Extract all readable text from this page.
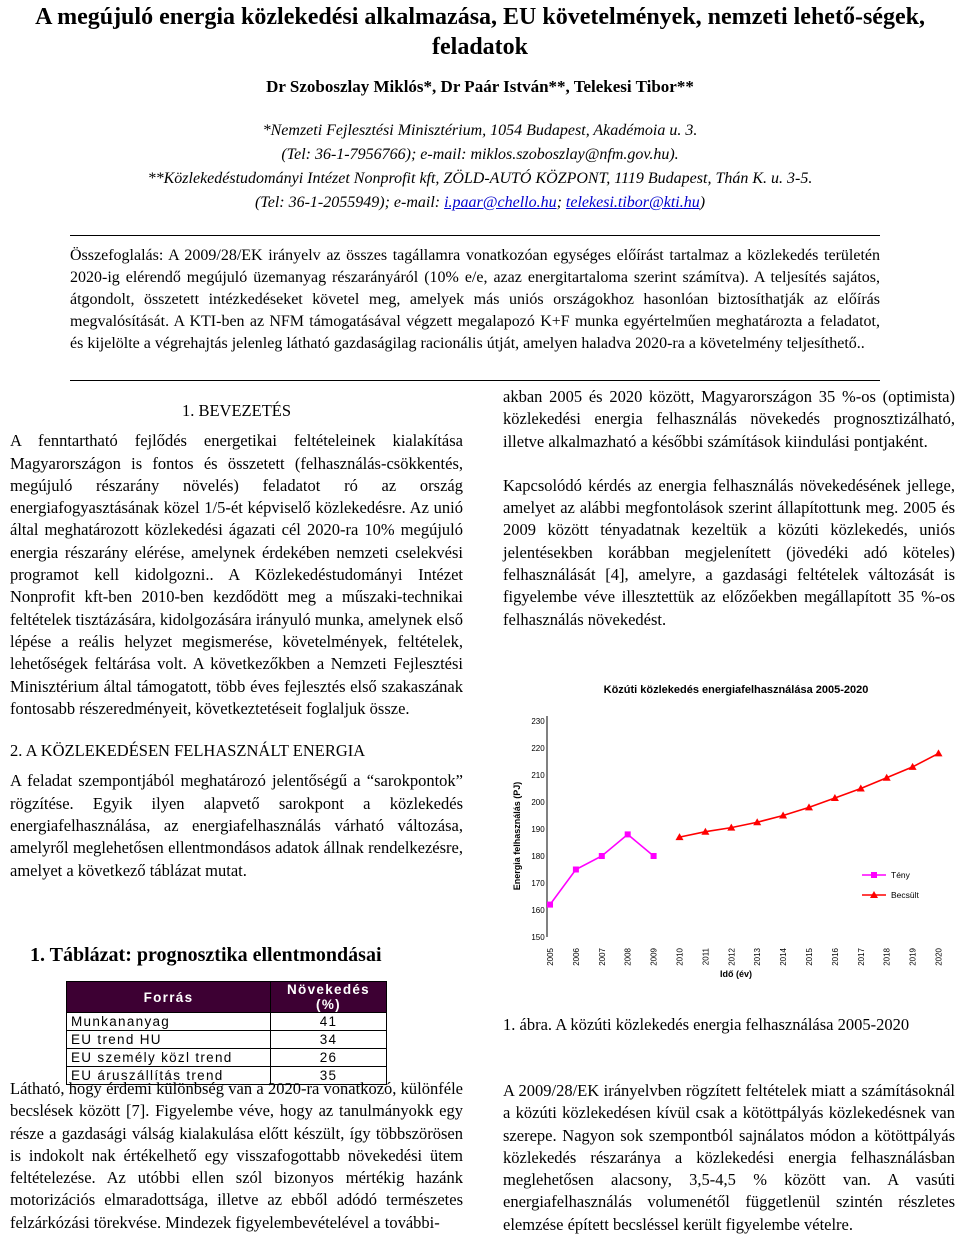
A megújuló energia közlekedési alkalmazása, EU követelmények, nemzeti lehető-ségek, feladatok
Dr Szoboszlay Miklós*, Dr Paár István**, Telekesi Tibor**
*Nemzeti Fejlesztési Minisztérium, 1054 Budapest, Akadémoia u. 3.
(Tel: 36-1-7956766); e-mail: miklos.szoboszlay@nfm.gov.hu).
**Közlekedéstudományi Intézet Nonprofit kft, ZÖLD-AUTÓ KÖZPONT, 1119 Budapest, Thán K. u. 3-5.
(Tel: 36-1-2055949); e-mail: i.paar@chello.hu; telekesi.tibor@kti.hu)
Összefoglalás: A 2009/28/EK irányelv az összes tagállamra vonatkozóan egységes előírást tartalmaz a közlekedés területén 2020-ig elérendő megújuló üzemanyag részarányáról (10% e/e, azaz energitartaloma szerint számítva). A teljesítés sajátos, átgondolt, összetett intézkedéseket követel meg, amelyek más uniós országokhoz hasonlóan biztosíthatják az előírás megvalósítását. A KTI-ben az NFM támogatásával végzett megalapozó K+F munka egyértelműen meghatározta a feladatot, és kijelölte a végrehajtás jelenleg látható gazdaságilag racionális útját, amelyen haladva 2020-ra a követelmény teljesíthető..
1. BEVEZETÉS

A fenntartható fejlődés energetikai feltételeinek kialakítása Magyarországon is fontos és összetett (felhasználás-csökkentés, megújuló részarány növelés) feladatot ró az ország energiafogyasztásának közel 1/5-ét képviselő közlekedésre. Az unió által meghatározott közlekedési ágazati cél 2020-ra 10% megújuló energia részarány elérése, amelynek érdekében nemzeti cselekvési programot kell kidolgozni.. A Közlekedéstudományi Intézet Nonprofit kft-ben 2010-ben kezdődött meg a műszaki-technikai feltételek tisztázására, kidolgozására irányuló munka, amelynek első lépése a reális helyzet megismerése, követelmények, feltételek, lehetőségek feltárása volt. A következőkben a Nemzeti Fejlesztési Minisztérium által támogatott, több éves fejlesztés első szakaszának fontosabb részeredményeit, következtetéseit foglaljuk össze.

2. A KÖZLEKEDÉSEN FELHASZNÁLT ENERGIA

A feladat szempontjából meghatározó jelentőségű a “sarokpontok” rögzítése. Egyik ilyen alapvető sarokpont a közlekedés energiafelhasználása, az energiafelhasználás várható változása, amelyről meglehetősen ellentmondásos adatok állnak rendelkezésre, amelyet a következő táblázat mutat.

1. Táblázat: prognosztika ellentmondásai
Forrás	Növekedés (%)
Munkananyag	41
EU trend HU	34
EU személy közl trend	26
EU áruszállítás trend	35

Látható, hogy érdemi különbség van a 2020-ra vonatkozó, különféle becslések között [7]. Figyelembe véve, hogy az tanulmányokk egy része a gazdasági válság kialakulása előtt készült, így többszörösen is indokolt nak értékelhető egy visszafogottabb növekedési ütem feltételezése. Az utóbbi ellen szól bizonyos mértékig hazánk motorizációs elmaradottsága, illetve az ebből adódó természetes felzárkózási törekvése. Mindezek figyelembevételével a további-

akban 2005 és 2020 között, Magyarországon 35 %-os (optimista) közlekedési energia felhasználás növekedés prognosztizálható, illetve alkalmazható a későbbi számítások kiindulási pontjaként.

Kapcsolódó kérdés az energia felhasználás növekedésének jellege, amelyet az alábbi megfontolások szerint állapítottunk meg. 2005 és 2009 között tényadatnak kezeltük a közúti közlekedés, uniós jelentésekben korábban megjelenített (jövedéki adó köteles) felhasználását [4], amelyre, a gazdasági feltételek változását is figyelembe véve illesztettük az előzőekben megállapított 35 %-os felhasználás növekedést.

Közúti közlekedés energiafelhasználása 2005-2020
Energia felhasználás (PJ)
Idő (év)
150
160
170
180
190
200
210
220
230
2005 2006 2007 2008 2009 2010 2011 2012 2013 2014 2015 2016 2017 2018 2019 2020
Tény
Becsült

1. ábra. A közúti közlekedés energia felhasználása 2005-2020

A 2009/28/EK irányelvben rögzített feltételek miatt a számításoknál a közúti közlekedésen kívül csak a kötöttpályás közlekedésnek van szerepe. Nagyon sok szempontból sajnálatos módon a kötöttpályás közlekedés részaránya a közlekedési energia felhasználásban meglehetősen alacsony, 3,5-4,5 % között van. A vasúti energiafelhasználás volumenétől függetlenül szintén részletes elemzése épített becsléssel került figyelembe vételre.
